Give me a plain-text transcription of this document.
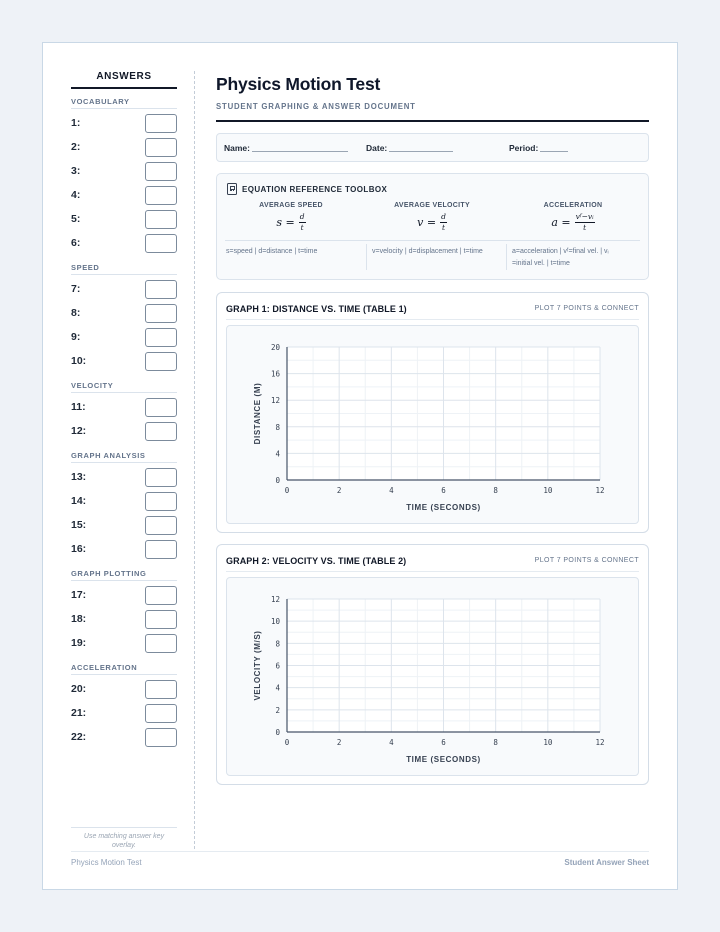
ANSWERS
VOCABULARY
1:
2:
3:
4:
5:
6:
SPEED
7:
8:
9:
10:
VELOCITY
11:
12:
GRAPH ANALYSIS
13:
14:
15:
16:
GRAPH PLOTTING
17:
18:
19:
ACCELERATION
20:
21:
22:
Use matching answer key overlay.
Physics Motion Test
STUDENT GRAPHING & ANSWER DOCUMENT
Name:	Date:	Period:
EQUATION REFERENCE TOOLBOX
AVERAGE SPEED
$s = \frac{d}{t}$
AVERAGE VELOCITY
$v = \frac{d}{t}$
ACCELERATION
$a = \frac{\text{vᶠ−vᵢ}}{t}$
s=speed | d=distance | t=time	v=velocity | d=displacement | t=time	a=acceleration | vᶠ=final vel. | vᵢ
=initial vel. | t=time
GRAPH 1: DISTANCE VS. TIME (TABLE 1)	PLOT 7 POINTS & CONNECT
0	2	4	6	8	10	12
0
4
8
12
16
20
TIME (SECONDS)
DISTANCE (M)
GRAPH 2: VELOCITY VS. TIME (TABLE 2)	PLOT 7 POINTS & CONNECT
0	2	4	6	8	10	12
0
2
4
6
8
10
12
TIME (SECONDS)
VELOCITY (M/S)
Physics Motion Test	Student Answer Sheet
